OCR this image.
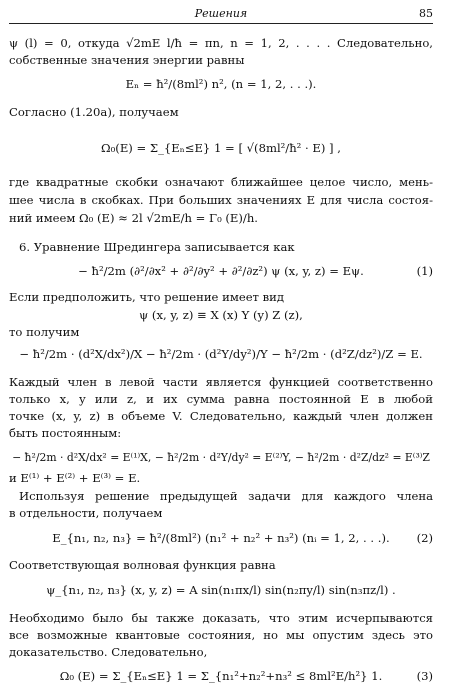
Решения	85
ψ (l) = 0, откуда √2mE l/ħ = πn, n = 1, 2, . . . . Следовательно,
собственные значения энергии равны
Eₙ = ħ²/(8ml²) n², (n = 1, 2, . . .).
Согласно (1.20а), получаем
Ω₀(E) = Σ_{Eₙ≤E} 1 = [ √(8ml²/ħ² · E) ] ,
где квадратные скобки означают ближайшее целое число, мень-
шее числа в скобках. При больших значениях E для числа состоя-
ний имеем Ω₀ (E) ≈ 2l √2mE/h = Γ₀ (E)/h.
6. Уравнение Шредингера записывается как
− ħ²/2m (∂²/∂x² + ∂²/∂y² + ∂²/∂z²) ψ (x, y, z) = Eψ.	(1)
Если предположить, что решение имеет вид
ψ (x, y, z) ≡ X (x) Y (y) Z (z),
то получим
− ħ²/2m · (d²X/dx²)/X − ħ²/2m · (d²Y/dy²)/Y − ħ²/2m · (d²Z/dz²)/Z = E.
Каждый член в левой части является функцией соответственно
только x, y или z, и их сумма равна постоянной E в любой
точке (x, y, z) в объеме V. Следовательно, каждый член должен
быть постоянным:
− ħ²/2m · d²X/dx² = E⁽¹⁾X, − ħ²/2m · d²Y/dy² = E⁽²⁾Y, − ħ²/2m · d²Z/dz² = E⁽³⁾Z
и E⁽¹⁾ + E⁽²⁾ + E⁽³⁾ = E.
Используя решение предыдущей задачи для каждого члена
в отдельности, получаем
E_{n₁, n₂, n₃} = ħ²/(8ml²) (n₁² + n₂² + n₃²) (nᵢ = 1, 2, . . .). (2)
Соответствующая волновая функция равна
ψ_{n₁, n₂, n₃} (x, y, z) = A sin(n₁πx/l) sin(n₂πy/l) sin(n₃πz/l) .
Необходимо было бы также доказать, что этим исчерпываются
все возможные квантовые состояния, но мы опустим здесь это
доказательство. Следовательно,
Ω₀ (E) = Σ_{Eₙ≤E} 1 = Σ_{n₁²+n₂²+n₃² ≤ 8ml²E/h²} 1.	(3)
